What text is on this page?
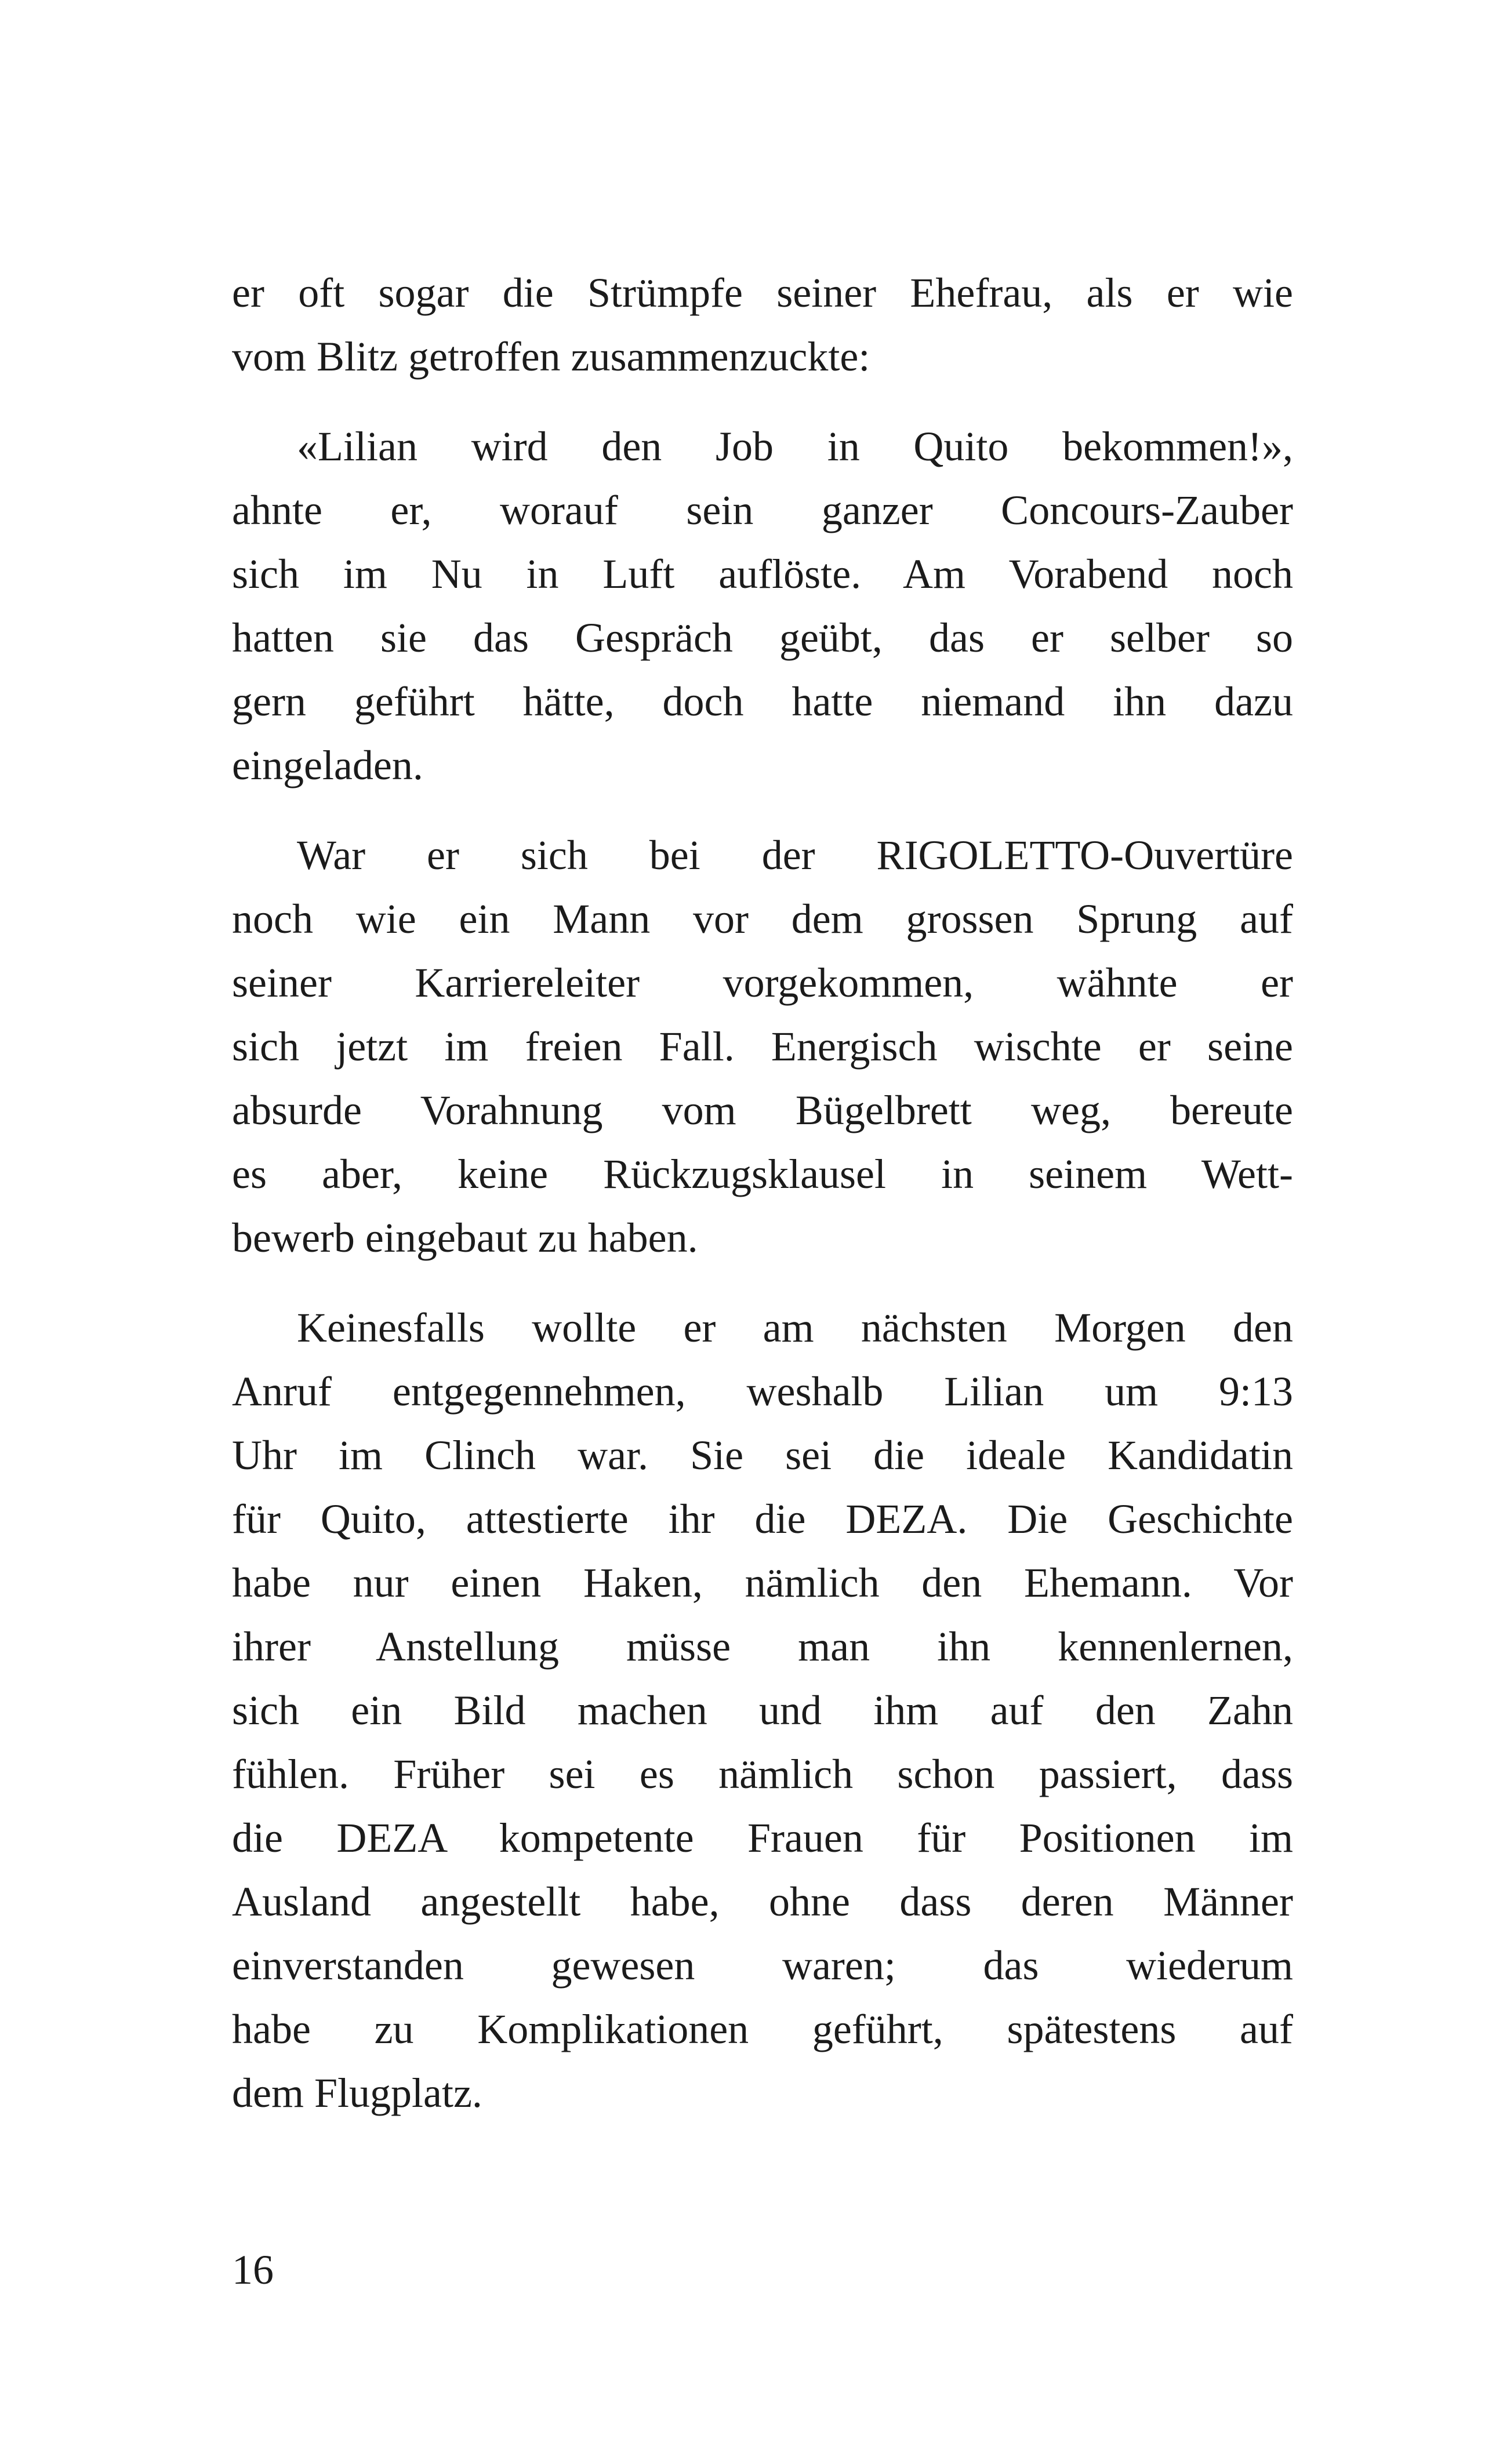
er oft sogar die Strümpfe seiner Ehefrau, als er wie
vom Blitz getroffen zusammenzuckte:
«Lilian wird den Job in Quito bekommen!»,
ahnte er, worauf sein ganzer Concours-Zauber
sich im Nu in Luft auflöste. Am Vorabend noch
hatten sie das Gespräch geübt, das er selber so
gern geführt hätte, doch hatte niemand ihn dazu
eingeladen.
War er sich bei der RIGOLETTO-Ouvertüre
noch wie ein Mann vor dem grossen Sprung auf
seiner Karriereleiter vorgekommen, wähnte er
sich jetzt im freien Fall. Energisch wischte er seine
absurde Vorahnung vom Bügelbrett weg, bereute
es aber, keine Rückzugsklausel in seinem Wett-
bewerb eingebaut zu haben.
Keinesfalls wollte er am nächsten Morgen den
Anruf entgegennehmen, weshalb Lilian um 9:13
Uhr im Clinch war. Sie sei die ideale Kandidatin
für Quito, attestierte ihr die DEZA. Die Geschichte
habe nur einen Haken, nämlich den Ehemann. Vor
ihrer Anstellung müsse man ihn kennenlernen,
sich ein Bild machen und ihm auf den Zahn
fühlen. Früher sei es nämlich schon passiert, dass
die DEZA kompetente Frauen für Positionen im
Ausland angestellt habe, ohne dass deren Männer
einverstanden gewesen waren; das wiederum
habe zu Komplikationen geführt, spätestens auf
dem Flugplatz.
16
